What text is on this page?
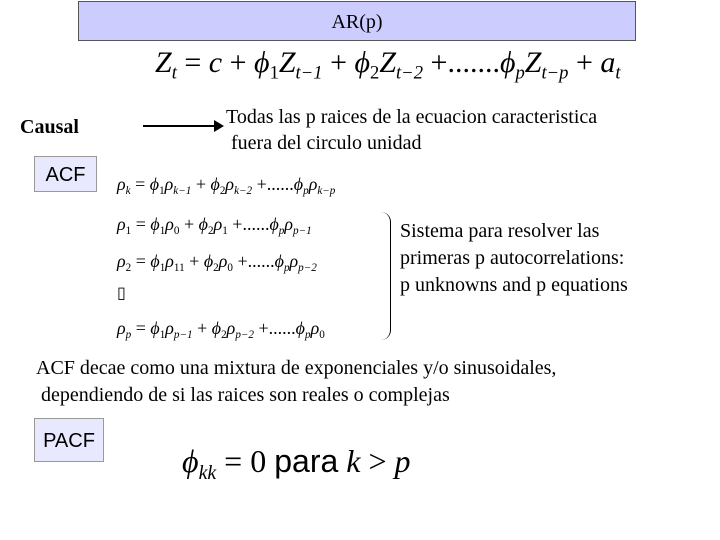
AR(p)
$Z_t = c + \phi_1Z_{t-1} + \phi_2Z_{t-2} +.......\phi_pZ_{t-p} + a_t$
Causal	Todas las p raices de la ecuacion caracteristica
fuera del circulo unidad
ACF	$\rho_k = \phi_1\rho_{k-1} + \phi_2\rho_{k-2} +......\phi_p\rho_{k-p}$
$\rho_1 = \phi_1\rho_0 + \phi_2\rho_1 +......\phi_p\rho_{p-1}$
$\rho_2 = \phi_1\rho_{11} + \phi_2\rho_0 +......\phi_p\rho_{p-2}$
▯
$\rho_p = \phi_1\rho_{p-1} + \phi_2\rho_{p-2} +......\phi_p\rho_0$
Sistema para resolver las
primeras p autocorrelations:
p unknowns and p equations
ACF decae como una mixtura de exponenciales y/o sinusoidales,
dependiendo de si las raices son reales o complejas
PACF
$\phi_{kk} = 0$ para k > p
